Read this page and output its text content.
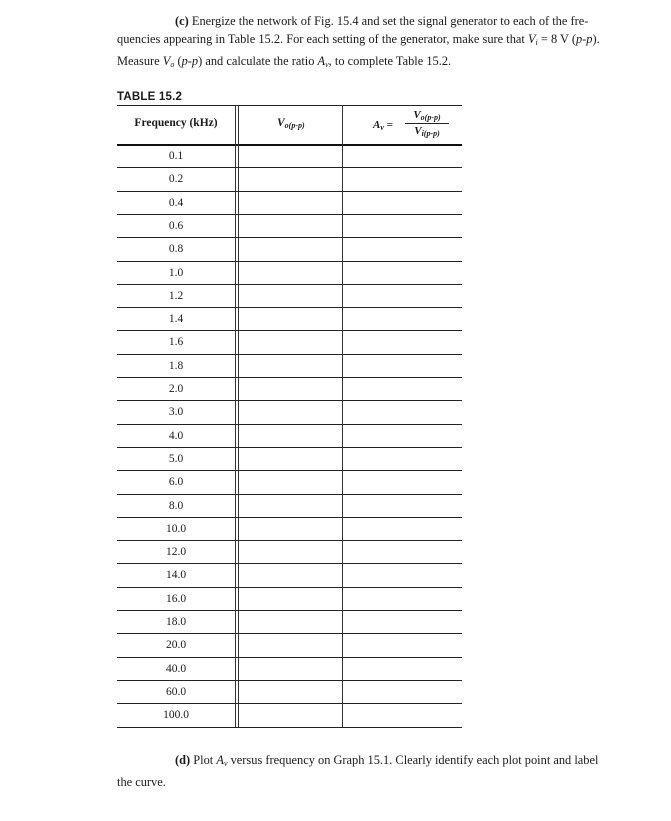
(c) Energize the network of Fig. 15.4 and set the signal generator to each of the fre-
quencies appearing in Table 15.2. For each setting of the generator, make sure that $V_i = 8$ V (p-p).
Measure $V_o$ (p-p) and calculate the ratio $A_v$, to complete Table 15.2.
TABLE 15.2
Frequency (kHz)	$V_{o(p-p)}$	$A_v = \frac{V_{o(p-p)}}{V_{i(p-p)}}$
0.1
0.2
0.4
0.6
0.8
1.0
1.2
1.4
1.6
1.8
2.0
3.0
4.0
5.0
6.0
8.0
10.0
12.0
14.0
16.0
18.0
20.0
40.0
60.0
100.0
(d) Plot $A_v$ versus frequency on Graph 15.1. Clearly identify each plot point and label
the curve.
